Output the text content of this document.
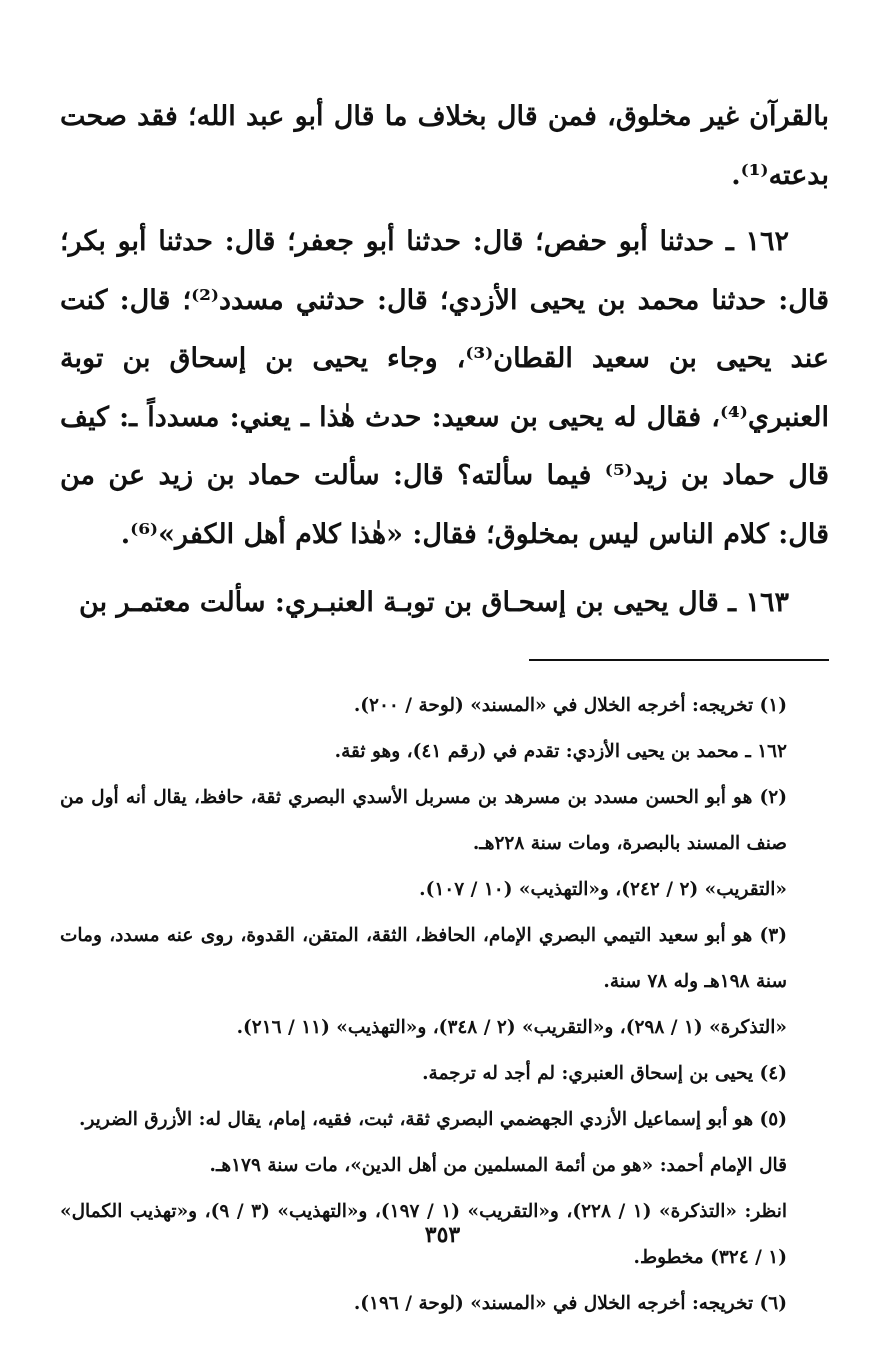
بالقرآن غير مخلوق، فمن قال بخلاف ما قال أبو عبد الله؛ فقد صحت بدعته⁽¹⁾.

١٦٢ ـ حدثنا أبو حفص؛ قال: حدثنا أبو جعفر؛ قال: حدثنا أبو بكر؛ قال: حدثنا محمد بن يحيى الأزدي؛ قال: حدثني مسدد⁽²⁾؛ قال: كنت عند يحيى بن سعيد القطان⁽³⁾، وجاء يحيى بن إسحاق بن توبة العنبري⁽⁴⁾، فقال له يحيى بن سعيد: حدث هٰذا ـ يعني: مسدداً ـ: كيف قال حماد بن زيد⁽⁵⁾ فيما سألته؟ قال: سألت حماد بن زيد عن من قال: كلام الناس ليس بمخلوق؛ فقال: «هٰذا كلام أهل الكفر»⁽⁶⁾.

١٦٣ ـ قال يحيى بن إسحـاق بن توبـة العنبـري: سألت معتمـر بن

(١) تخريجه: أخرجه الخلال في «المسند» (لوحة / ٢٠٠).

١٦٢ ـ محمد بن يحيى الأزدي: تقدم في (رقم ٤١)، وهو ثقة.

(٢) هو أبو الحسن مسدد بن مسرهد بن مسربل الأسدي البصري ثقة، حافظ، يقال أنه أول من صنف المسند بالبصرة، ومات سنة ٢٢٨هـ.

«التقريب» (٢ / ٢٤٢)، و«التهذيب» (١٠ / ١٠٧).

(٣) هو أبو سعيد التيمي البصري الإمام، الحافظ، الثقة، المتقن، القدوة، روى عنه مسدد، ومات سنة ١٩٨هـ وله ٧٨ سنة.

«التذكرة» (١ / ٢٩٨)، و«التقريب» (٢ / ٣٤٨)، و«التهذيب» (١١ / ٢١٦).

(٤) يحيى بن إسحاق العنبري: لم أجد له ترجمة.

(٥) هو أبو إسماعيل الأزدي الجهضمي البصري ثقة، ثبت، فقيه، إمام، يقال له: الأزرق الضرير.

قال الإمام أحمد: «هو من أئمة المسلمين من أهل الدين»، مات سنة ١٧٩هـ.

انظر: «التذكرة» (١ / ٢٢٨)، و«التقريب» (١ / ١٩٧)، و«التهذيب» (٣ / ٩)، و«تهذيب الكمال» (١ / ٣٢٤) مخطوط.

(٦) تخريجه: أخرجه الخلال في «المسند» (لوحة / ١٩٦).

٣٥٣
